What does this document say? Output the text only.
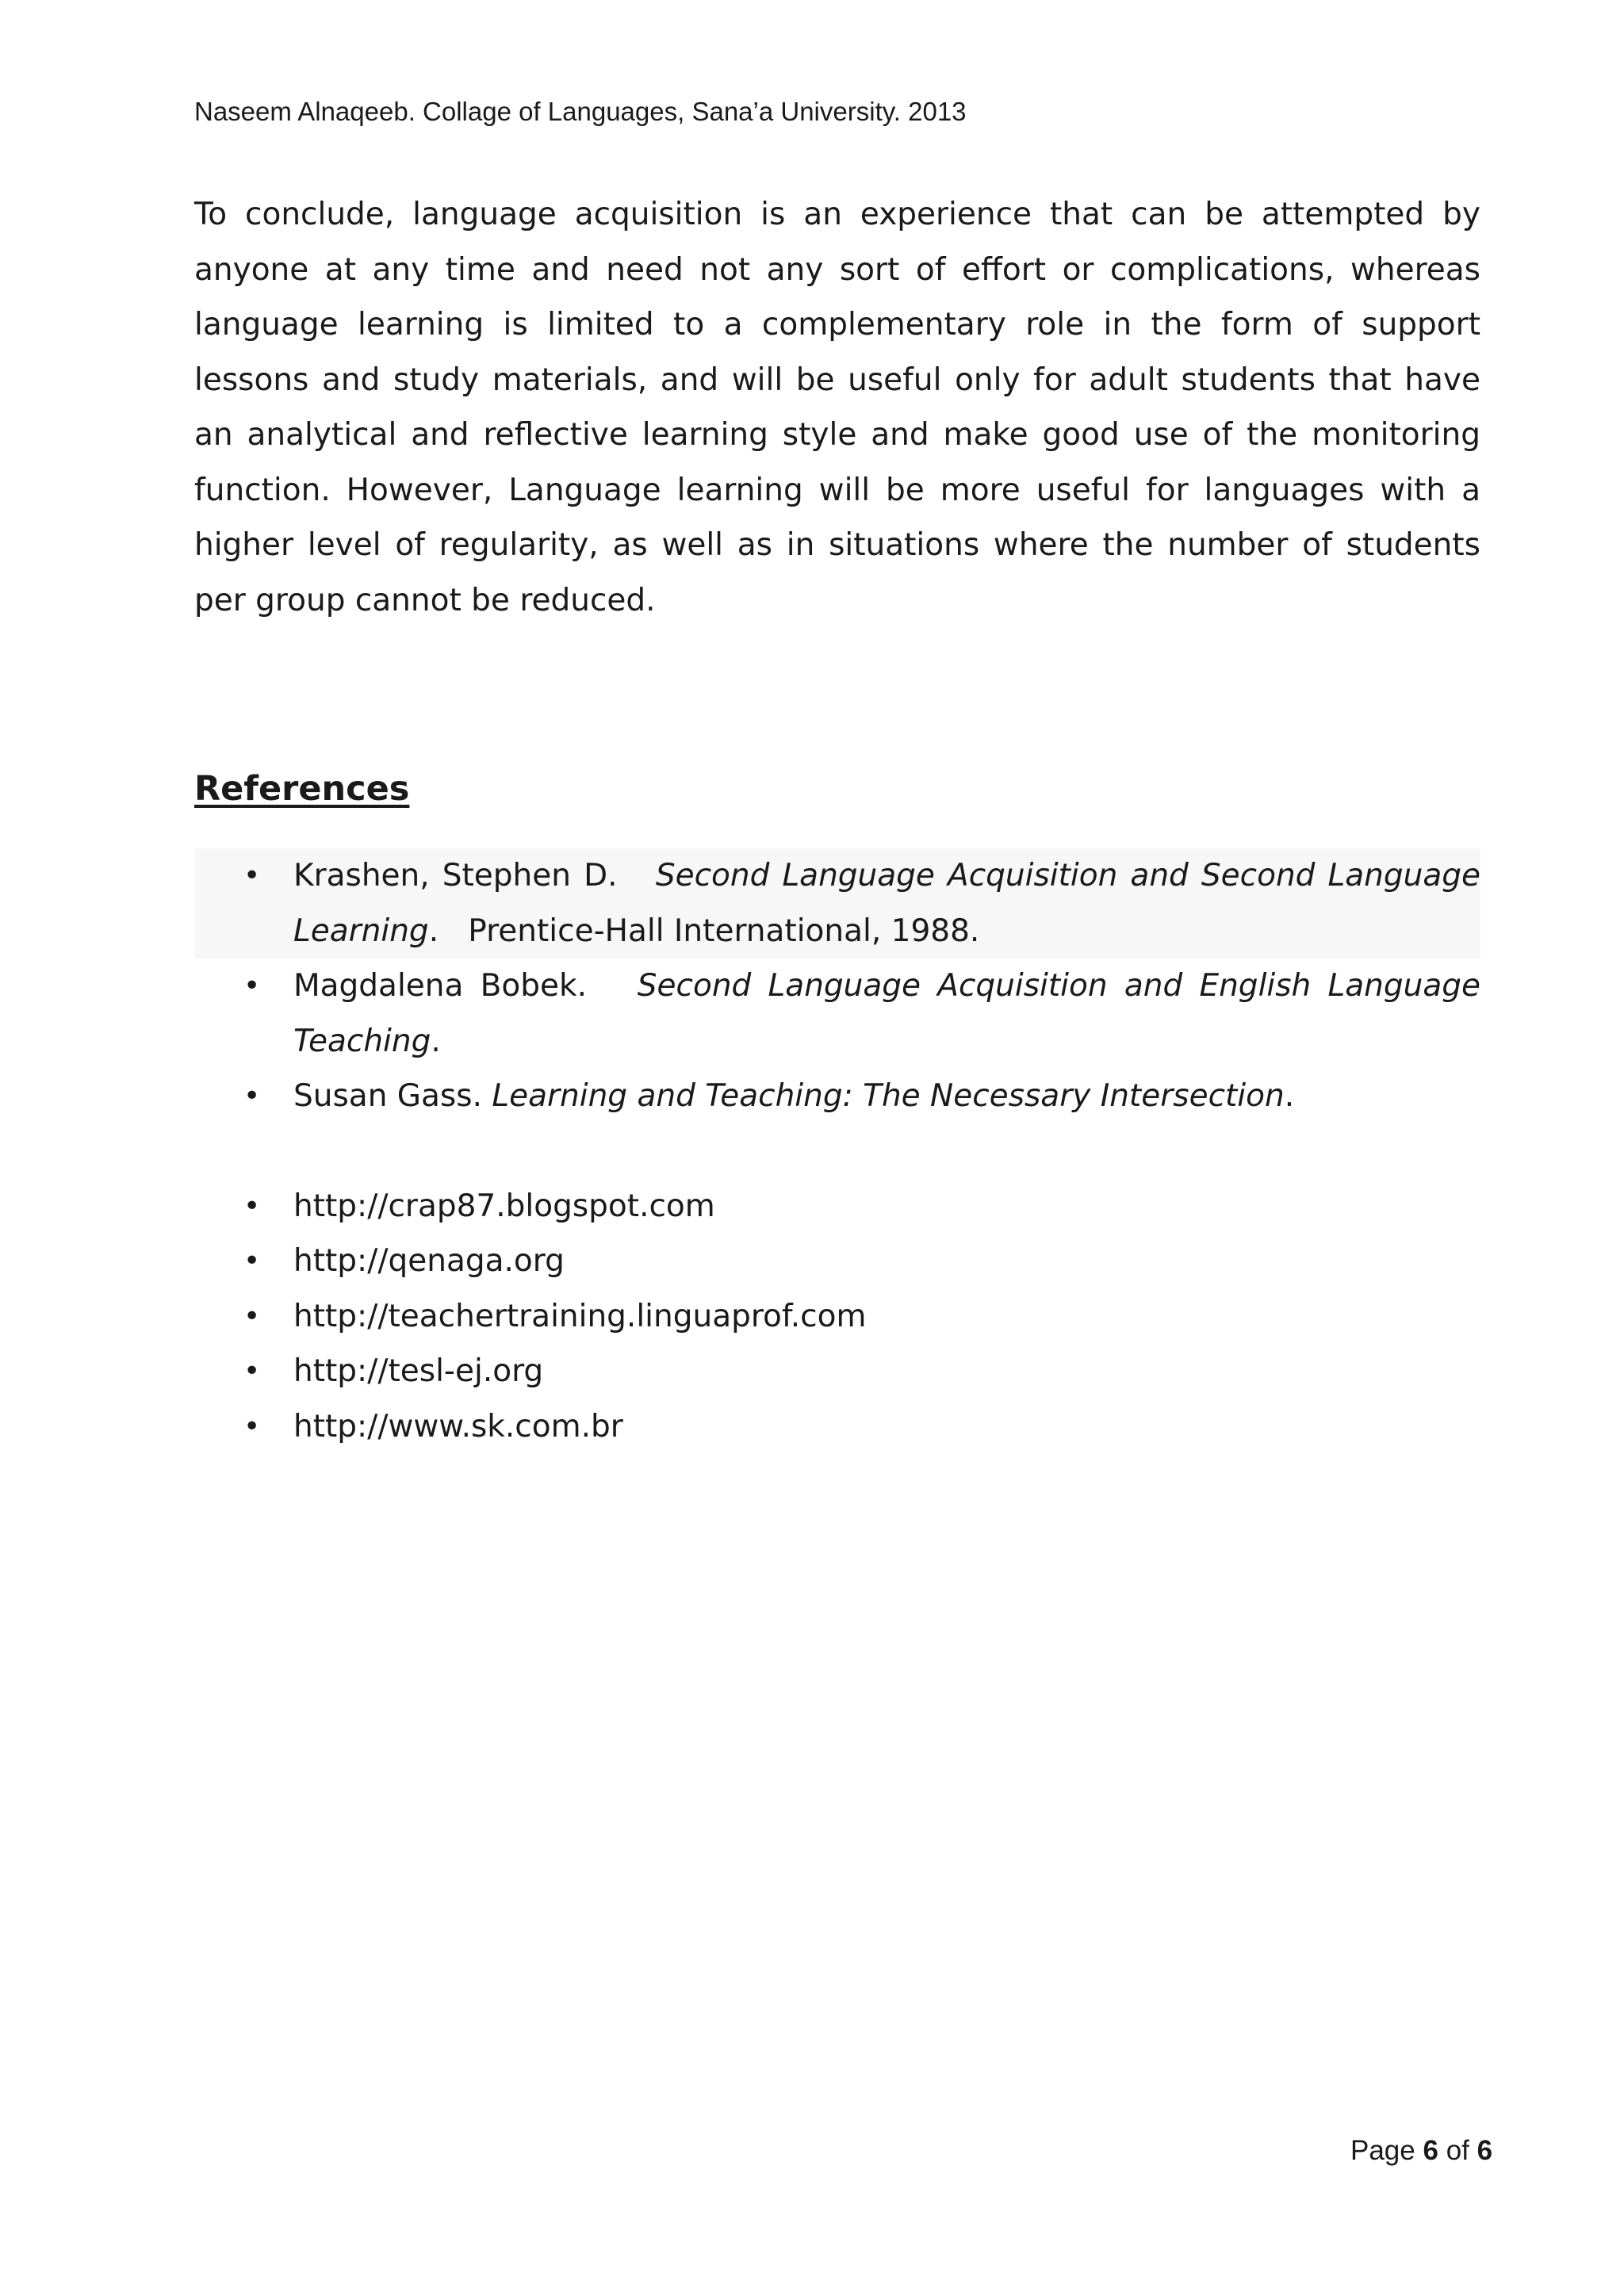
Naseem Alnaqeeb. Collage of Languages, Sana’a University. 2013

To conclude, language acquisition is an experience that can be attempted by anyone at any time and need not any sort of effort or complications, whereas language learning is limited to a complementary role in the form of support lessons and study materials, and will be useful only for adult students that have an analytical and reflective learning style and make good use of the monitoring function. However, Language learning will be more useful for languages with a higher level of regularity, as well as in situations where the number of students per group cannot be reduced.

References
• Krashen, Stephen D. Second Language Acquisition and Second Language Learning.   Prentice-Hall International, 1988.
• Magdalena Bobek. Second Language Acquisition and English Language Teaching.
• Susan Gass. Learning and Teaching: The Necessary Intersection.
• http://crap87.blogspot.com
• http://qenaga.org
• http://teachertraining.linguaprof.com
• http://tesl-ej.org
• http://www.sk.com.br
Page 6 of 6
